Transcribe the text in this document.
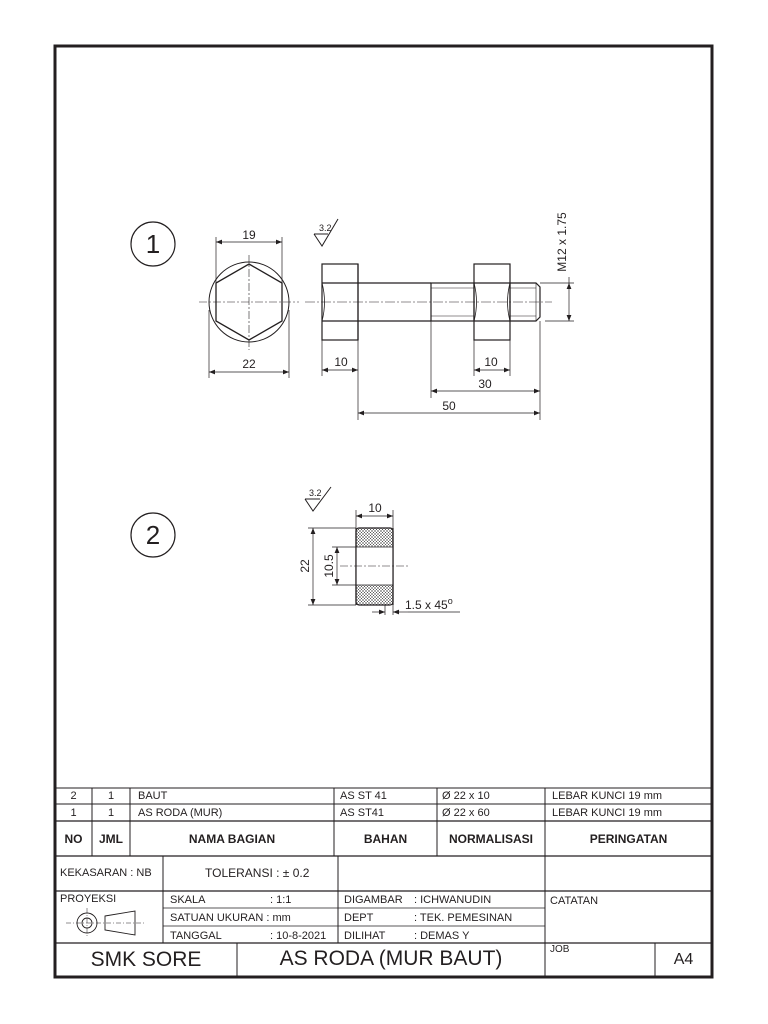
1
3.2
19
22	10	10
30
50
M12 x 1.75
2
3.2
10
22 10.5
1.5 x 45$^o$
2	1	BAUT	AS ST 41	Ø 22 x 10	LEBAR KUNCI 19 mm
1	1	AS RODA (MUR)	AS ST41	Ø 22 x 60	LEBAR KUNCI 19 mm
NO	JML	NAMA BAGIAN	BAHAN	NORMALISASI	PERINGATAN
KEKASARAN : NB	TOLERANSI : ± 0.2
PROYEKSI	SKALA	: 1:1
SATUAN UKURAN : mm
TANGGAL	: 10-8-2021
DIGAMBAR : ICHWANUDIN
DEPT	: TEK. PEMESINAN
DILIHAT	: DEMAS Y
CATATAN
JOB
SMK SORE	AS RODA (MUR BAUT)	A4
